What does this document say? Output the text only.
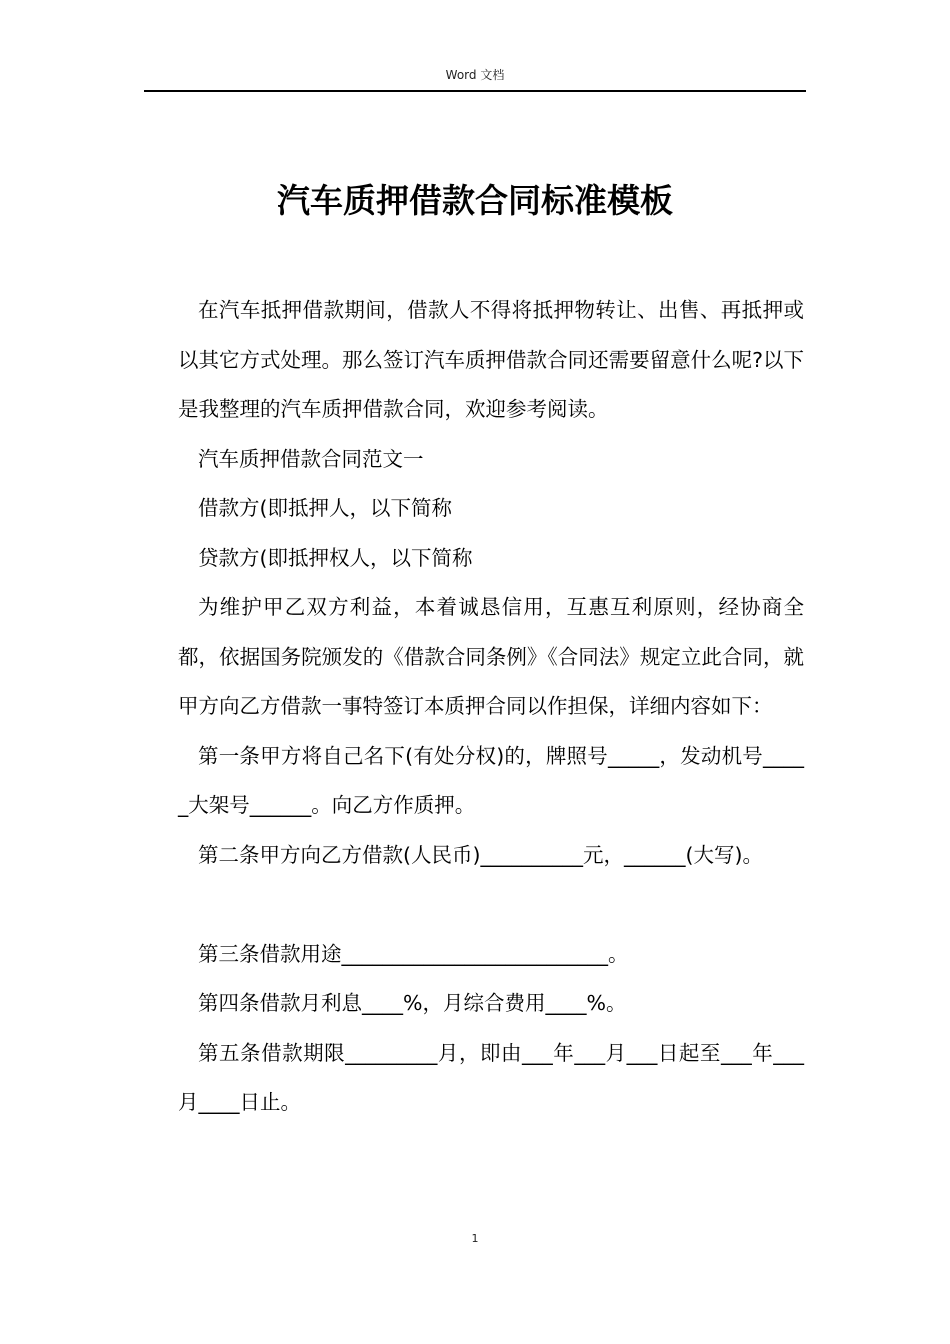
Word 文档
汽车质押借款合同标准模板

在汽车抵押借款期间，借款人不得将抵押物转让、出售、再抵押或以其它方式处理。那么签订汽车质押借款合同还需要留意什么呢?以下是我整理的汽车质押借款合同，欢迎参考阅读。

汽车质押借款合同范文一

借款方(即抵押人，以下简称

贷款方(即抵押权人，以下简称

为维护甲乙双方利益，本着诚恳信用，互惠互利原则，经协商全都，依据国务院颁发的《借款合同条例》《合同法》规定立此合同，就甲方向乙方借款一事特签订本质押合同以作担保，详细内容如下：

第一条甲方将自己名下(有处分权)的，牌照号_____，发动机号_____大架号______。向乙方作质押。

第二条甲方向乙方借款(人民币)__________元，______(大写)。

第三条借款用途__________________________。

第四条借款月利息____%，月综合费用____%。

第五条借款期限_________月，即由___年___月___日起至___年___月____日止。

1
